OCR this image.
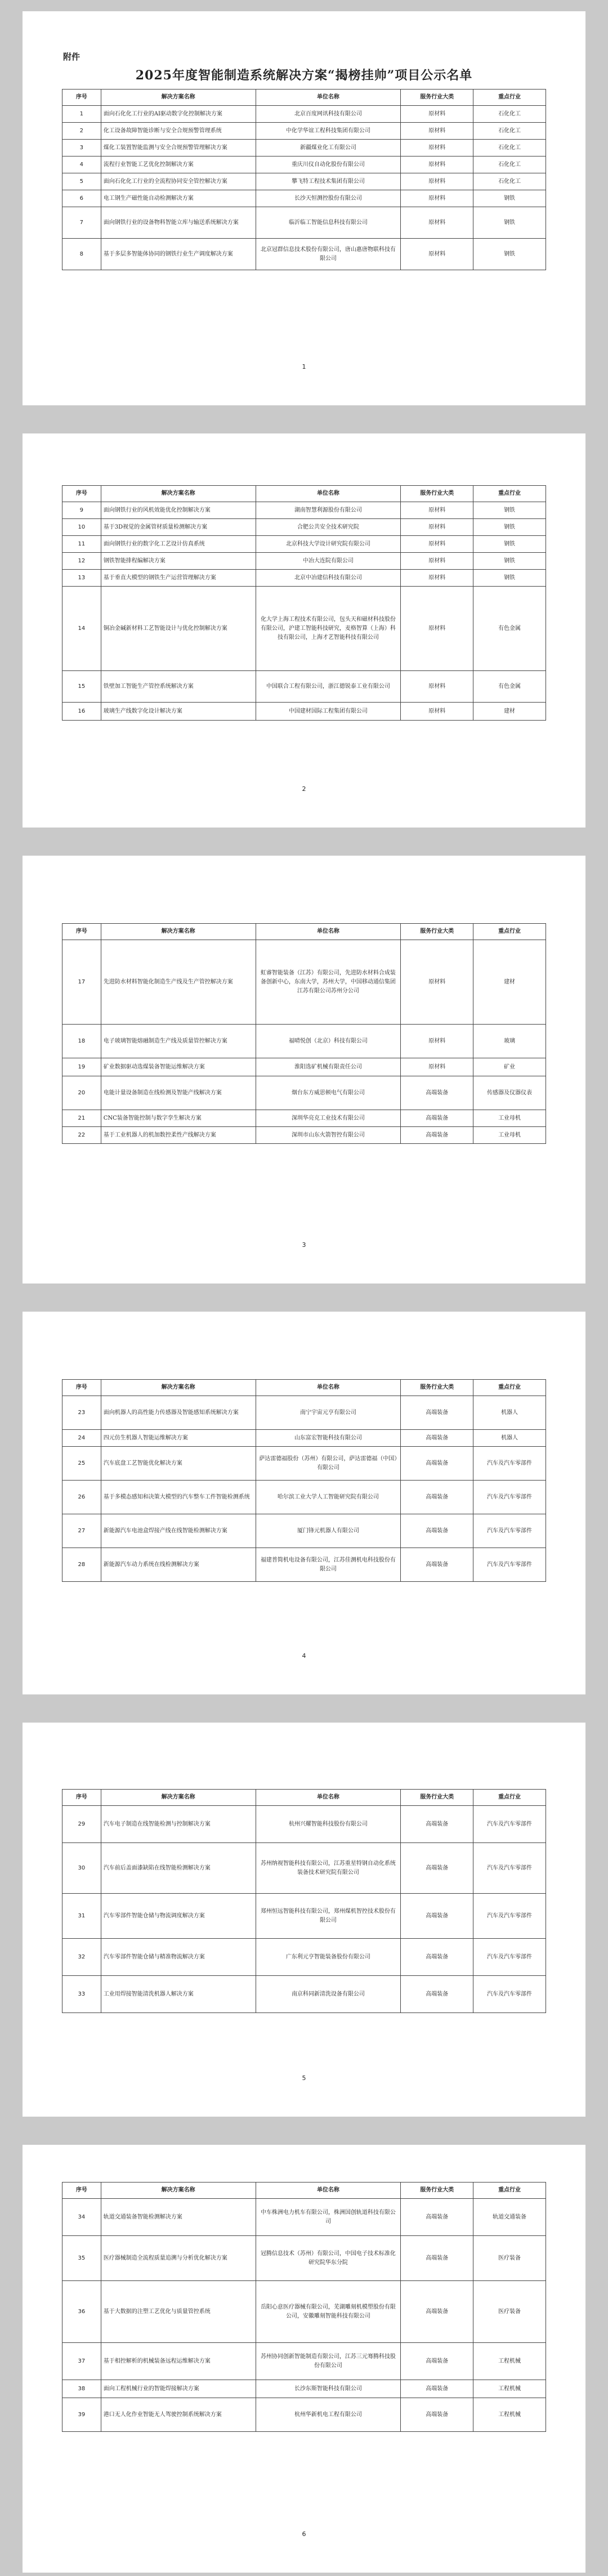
附件
2025年度智能制造系统解决方案“揭榜挂帅”项目公示名单
序号	解决方案名称	单位名称	服务行业大类	重点行业
1	面向石化化工行业的AI驱动数字化控制解决方案	北京百度网讯科技有限公司	原材料	石化化工
2	化工设备故障智能诊断与安全合规预警管理系统	中化学华谊工程科技集团有限公司	原材料	石化化工
3	煤化工装置智能监测与安全合规预警管理解决方案	新疆煤业化工有限公司	原材料	石化化工
4	流程行业智能工艺优化控制解决方案	重庆川仪自动化股份有限公司	原材料	石化化工
5	面向石化化工行业的全流程协同安全管控解决方案	攀飞特工程技术集团有限公司	原材料	石化化工
6	电工钢生产磁性能自动检测解决方案	长沙天恒测控股份有限公司	原材料	钢铁
7	面向钢铁行业的设备物料智能立库与输送系统解决方案	临沂临工智能信息科技有限公司	原材料	钢铁
8	基于多层多智能体协同的钢铁行业生产调度解决方案	北京冠群信息技术股份有限公司，唐山惠唐物联科技有限公司	原材料	钢铁
1
序号	解决方案名称	单位名称	服务行业大类	重点行业
9	面向钢铁行业的风机效能优化控制解决方案	湖南智慧利源股份有限公司	原材料	钢铁
10	基于3D视觉的金属管材质量检测解决方案	合肥公共安全技术研究院	原材料	钢铁
11	面向钢铁行业的数字化工艺设计仿真系统	北京科技大学设计研究院有限公司	原材料	钢铁
12	钢铁智能排程编解决方案	中冶大连院有限公司	原材料	钢铁
13	基于垂直大模型的钢铁生产运营管理解决方案	北京中冶建信科技有限公司	原材料	钢铁
14	铜冶金碱新材料工艺智能设计与优化控制解决方案	化大学上海工程技术有限公司，包头天和磁材科技股份有限公司，沪建工智能科技研究，麦格智算（上海）科技有限公司，上海才艺智能科技有限公司	原材料	有色金属
15	铁壁加工智能生产管控系统解决方案	中国联合工程有限公司，浙江德锐泰工业有限公司	原材料	有色金属
16	玻璃生产线数字化设计解决方案	中国建材国际工程集团有限公司	原材料	建材
2
序号	解决方案名称	单位名称	服务行业大类	重点行业
17	先进防水材料智能化制造生产线及生产管控解决方案	虹睿智能装备（江苏）有限公司，先进防水材料合成装备创新中心，东南大学，苏州大学，中国移动通信集团江苏有限公司苏州分公司	原材料	建材
18	电子玻璃智能熔融制造生产线及质量管控解决方案	福晴悦创（北京）科技有限公司	原材料	玻璃
19	矿业数据驱动选煤装备智能运维解决方案	淮阳选矿机械有限责任公司	原材料	矿业
20	电能计量设备制造在线检测及智能产线解决方案	烟台东方威思顿电气有限公司	高端装备	传感器及仪器仪表
21	CNC装备智能控制与数字孪生解决方案	深圳华亮克工业技术有限公司	高端装备	工业母机
22	基于工业机器人的机加数控柔性产线解决方案	深圳市山东火箭智控有限公司	高端装备	工业母机
3
序号	解决方案名称	单位名称	服务行业大类	重点行业
23	面向机器人的高性能力传感器及智能感知系统解决方案	南宁宇宙元亨有限公司	高端装备	机器人
24	四元仿生机器人智能运维解决方案	山东富宏智能科技有限公司	高端装备	机器人
25	汽车底盘工艺智能优化解决方案	萨达雷德福股份（苏州）有限公司，萨达雷德福（中国）有限公司	高端装备	汽车及汽车零部件
26	基于多模态感知和决策大模型的汽车整车工件智能检测系统	哈尔滨工业大学人工智能研究院有限公司	高端装备	汽车及汽车零部件
27	新能源汽车电池盒焊接产线在线智能检测解决方案	厦门锋元机器人有限公司	高端装备	汽车及汽车零部件
28	新能源汽车动力系统在线检测解决方案	福建普简机电设备有限公司，江苏佳测机电科技股份有限公司	高端装备	汽车及汽车零部件
4
序号	解决方案名称	单位名称	服务行业大类	重点行业
29	汽车电子制造在线智能检测与控制解决方案	杭州兴耀智能科技股份有限公司	高端装备	汽车及汽车零部件
30	汽车前后盖面漆缺陷在线智能检测解决方案	苏州纳视智能科技有限公司，江苏重星特钢自动化系统装备技术研究院有限公司	高端装备	汽车及汽车零部件
31	汽车零部件智能仓储与物流调度解决方案	郑州恒远智能科技有限公司，郑州煤机智控技术股份有限公司	高端装备	汽车及汽车零部件
32	汽车零部件智能仓储与精准物流解决方案	广东利元亨智能装备股份有限公司	高端装备	汽车及汽车零部件
33	工业用焊接智能清洗机器人解决方案	南京科同新清洗设备有限公司	高端装备	汽车及汽车零部件
5
序号	解决方案名称	单位名称	服务行业大类	重点行业
34	轨道交通装备智能检测解决方案	中车株洲电力机车有限公司，株洲国创轨道科技有限公司	高端装备	轨道交通装备
35	医疗器械制造全流程质量追溯与分析优化解决方案	冠腾信息技术（苏州）有限公司，中国电子技术标准化研究院华东分院	高端装备	医疗装备
36	基于大数据的注塑工艺优化与质量管控系统	岳阳心意医疗器械有限公司，芜湖雕刻机模塑股份有限公司，安徽雕刻智能科技有限公司	高端装备	医疗装备
37	基于相控解析的机械装备远程运维解决方案	苏州协同创新智能制造有限公司，江苏三元骞腾科技股份有限公司	高端装备	工程机械
38	面向工程机械行业的智能焊接解决方案	长沙东斯智能科技有限公司	高端装备	工程机械
39	港口无人化作业智能无人驾驶控制系统解决方案	杭州华新机电工程有限公司	高端装备	工程机械
6
